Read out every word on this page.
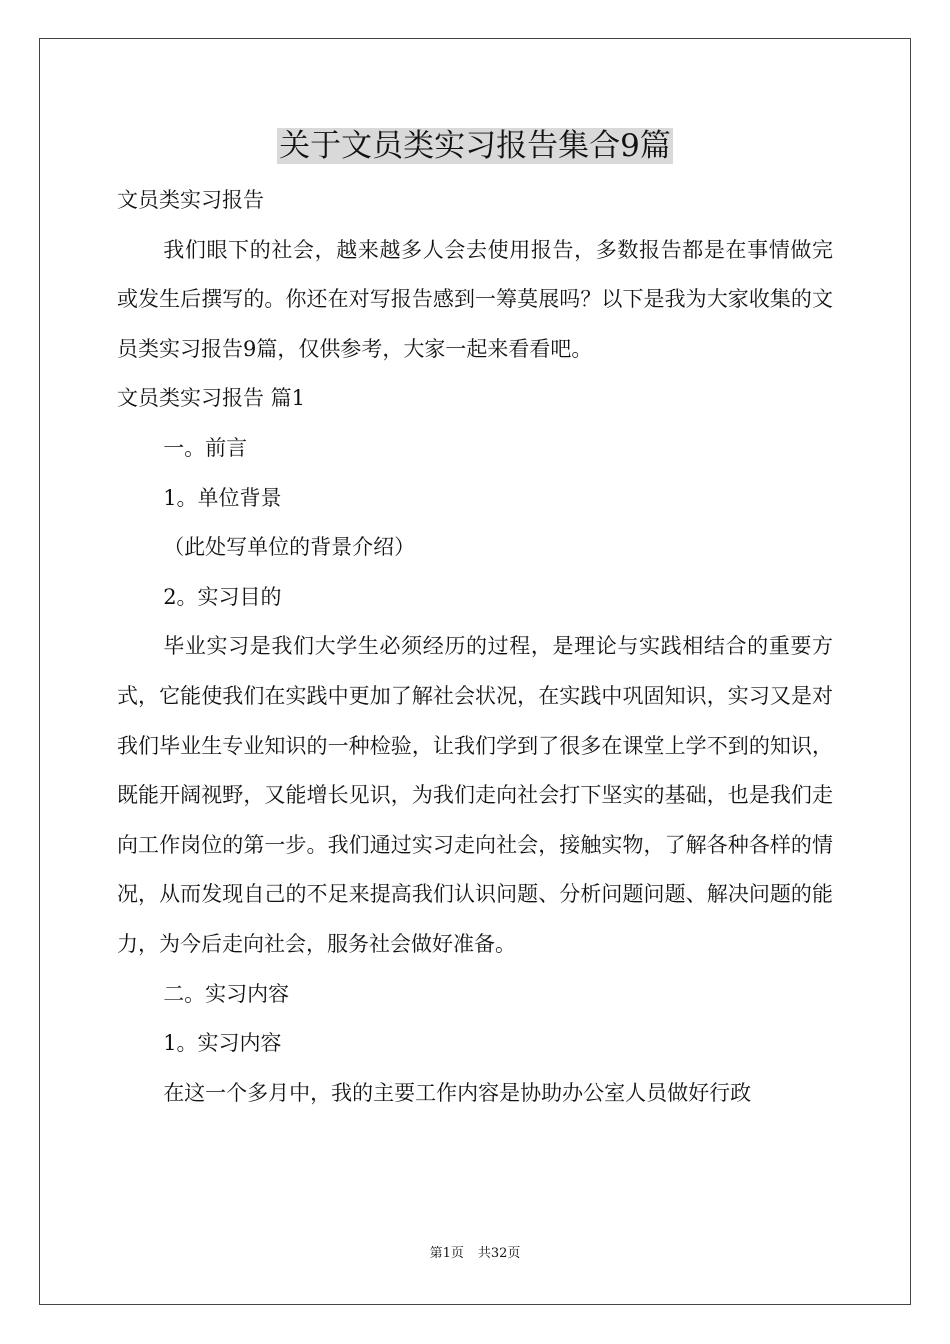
关于文员类实习报告集合9篇

文员类实习报告

我们眼下的社会，越来越多人会去使用报告，多数报告都是在事情做完或发生后撰写的。你还在对写报告感到一筹莫展吗？以下是我为大家收集的文员类实习报告9篇，仅供参考，大家一起来看看吧。

文员类实习报告 篇1

一。前言

1。单位背景

（此处写单位的背景介绍）

2。实习目的

毕业实习是我们大学生必须经历的过程，是理论与实践相结合的重要方式，它能使我们在实践中更加了解社会状况，在实践中巩固知识，实习又是对我们毕业生专业知识的一种检验，让我们学到了很多在课堂上学不到的知识，既能开阔视野，又能增长见识，为我们走向社会打下坚实的基础，也是我们走向工作岗位的第一步。我们通过实习走向社会，接触实物，了解各种各样的情况，从而发现自己的不足来提高我们认识问题、分析问题问题、解决问题的能力，为今后走向社会，服务社会做好准备。

二。实习内容

1。实习内容

在这一个多月中，我的主要工作内容是协助办公室人员做好行政

第1页 共32页
